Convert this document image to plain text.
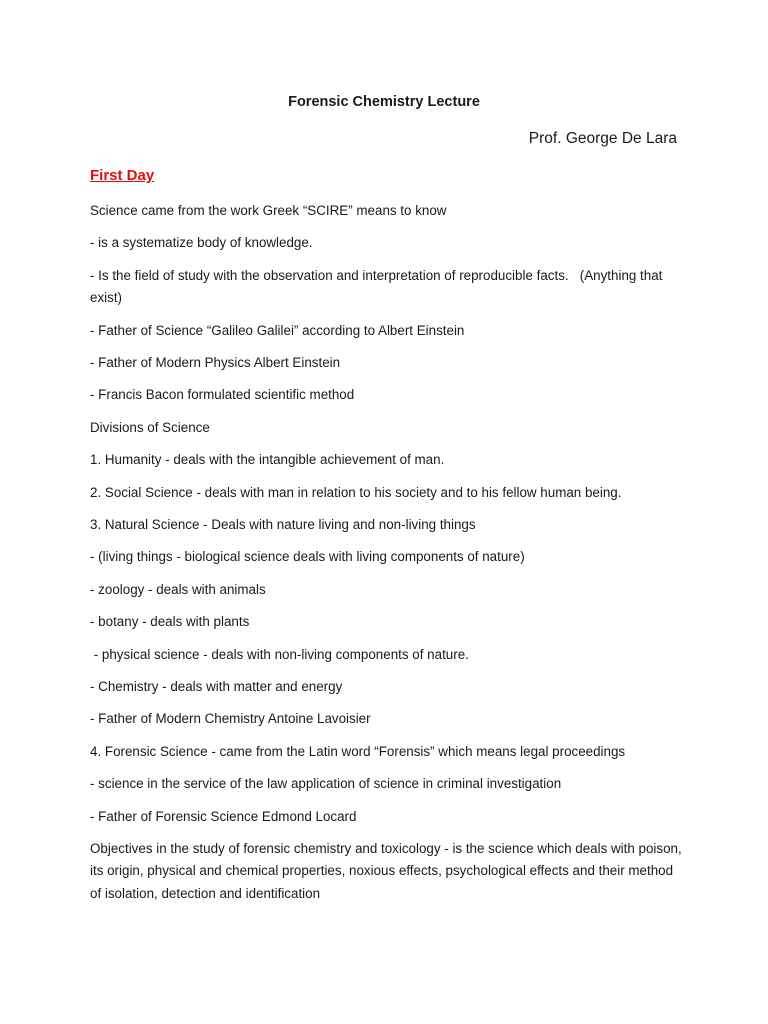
Forensic Chemistry Lecture

Prof. George De Lara

First Day
Science came from the work Greek “SCIRE” means to know
- is a systematize body of knowledge.
- Is the field of study with the observation and interpretation of reproducible facts.   (Anything that exist)
- Father of Science “Galileo Galilei” according to Albert Einstein
- Father of Modern Physics Albert Einstein
- Francis Bacon formulated scientific method
Divisions of Science
1. Humanity - deals with the intangible achievement of man.
2. Social Science - deals with man in relation to his society and to his fellow human being.
3. Natural Science - Deals with nature living and non-living things
- (living things - biological science deals with living components of nature)
- zoology - deals with animals
- botany - deals with plants
- physical science - deals with non-living components of nature.
- Chemistry - deals with matter and energy
- Father of Modern Chemistry Antoine Lavoisier
4. Forensic Science - came from the Latin word “Forensis” which means legal proceedings
- science in the service of the law application of science in criminal investigation
- Father of Forensic Science Edmond Locard
Objectives in the study of forensic chemistry and toxicology - is the science which deals with poison, its origin, physical and chemical properties, noxious effects, psychological effects and their method of isolation, detection and identification
